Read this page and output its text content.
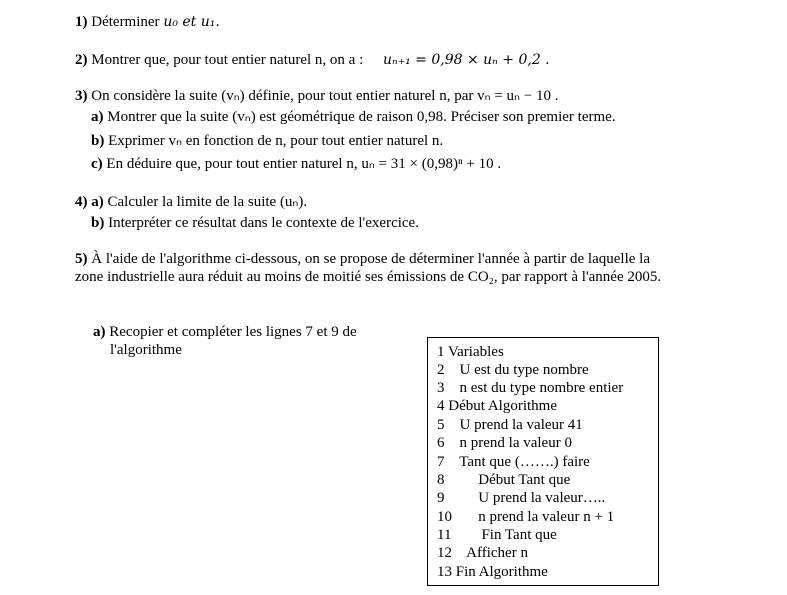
1) Déterminer u₀ et u₁.
2) Montrer que, pour tout entier naturel n, on a : uₙ₊₁ = 0,98 × uₙ + 0,2 .
3) On considère la suite (vₙ) définie, pour tout entier naturel n, par vₙ = uₙ − 10 .
a) Montrer que la suite (vₙ) est géométrique de raison 0,98. Préciser son premier terme.
b) Exprimer vₙ en fonction de n, pour tout entier naturel n.
c) En déduire que, pour tout entier naturel n, uₙ = 31 × (0,98)ⁿ + 10 .
4) a) Calculer la limite de la suite (uₙ).
b) Interpréter ce résultat dans le contexte de l'exercice.
5) À l'aide de l'algorithme ci-dessous, on se propose de déterminer l'année à partir de laquelle la
zone industrielle aura réduit au moins de moitié ses émissions de CO₂, par rapport à l'année 2005.
a) Recopier et compléter les lignes 7 et 9 de
l'algorithme	1 Variables
2    U est du type nombre
3    n est du type nombre entier
4 Début Algorithme
5    U prend la valeur 41
6    n prend la valeur 0
7    Tant que (…….) faire
8         Début Tant que
9         U prend la valeur…..
10       n prend la valeur n + 1
11        Fin Tant que
12    Afficher n
13 Fin Algorithme
